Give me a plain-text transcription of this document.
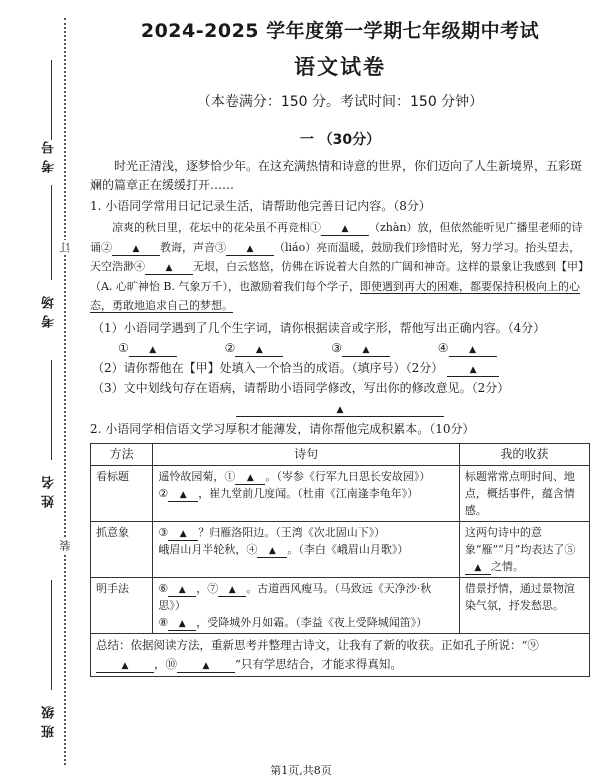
考号
订
考场
姓名
装
班级
2024-2025 学年度第一学期七年级期中考试
语文试卷
（本卷满分：150 分。考试时间：150 分钟）
一 （30分）

时光正清浅，逐梦恰少年。在这充满热情和诗意的世界，你们迈向了人生新境界，五彩斑斓的篇章正在缓缓打开……

1. 小语同学常用日记记录生活，请帮助他完善日记内容。（8分）

凉爽的秋日里，花坛中的花朵虽不再竞相① ▲ （zhàn）放，但依然能听见广播里老师的诗诵② ▲ 教诲，声音③ ▲ （liáo）亮而温暖，鼓励我们珍惜时光，努力学习。抬头望去，天空浩渺④ ▲ 无垠，白云悠悠，仿佛在诉说着大自然的广阔和神奇。这样的景象让我感到【甲】（A. 心旷神怡 B. 气象万千），也激励着我们每个学子，即使遇到再大的困难，都要保持积极向上的心态，勇敢地追求自己的梦想。

（1）小语同学遇到了几个生字词，请你根据读音或字形，帮他写出正确内容。（4分）

① ▲	② ▲	③ ▲	④ ▲

（2）请你帮他在【甲】处填入一个恰当的成语。（填序号）（2分）	▲

（3）文中划线句存在语病，请帮助小语同学修改，写出你的修改意见。（2分）

▲

2. 小语同学相信语文学习厚积才能薄发，请你帮他完成积累本。（10分）

方法	诗句	我的收获
看标题	遥怜故园菊，① ▲ 。（岑参《行军九日思长安故园》）
② ▲ ，崔九堂前几度闻。（杜甫《江南逢李龟年》）	标题常常点明时间、地点，概括事件，蕴含情感。
抓意象	③ ▲ ？归雁洛阳边。（王湾《次北固山下》）
峨眉山月半轮秋，④ ▲ 。（李白《峨眉山月歌》）	这两句诗中的意象“雁”“月”均表达了⑤▲ 之情。
明手法	⑥ ▲ ，⑦ ▲ 。古道西风瘦马。（马致远《天净沙·秋思》）
⑧ ▲ ，受降城外月如霜。（李益《夜上受降城闻笛》）	借景抒情，通过景物渲染气氛，抒发愁思。
总结：依据阅读方法，重新思考并整理古诗文，让我有了新的收获。正如孔子所说：“⑨
▲ ，⑩ ▲ ”只有学思结合，才能求得真知。		
第1页,共8页
